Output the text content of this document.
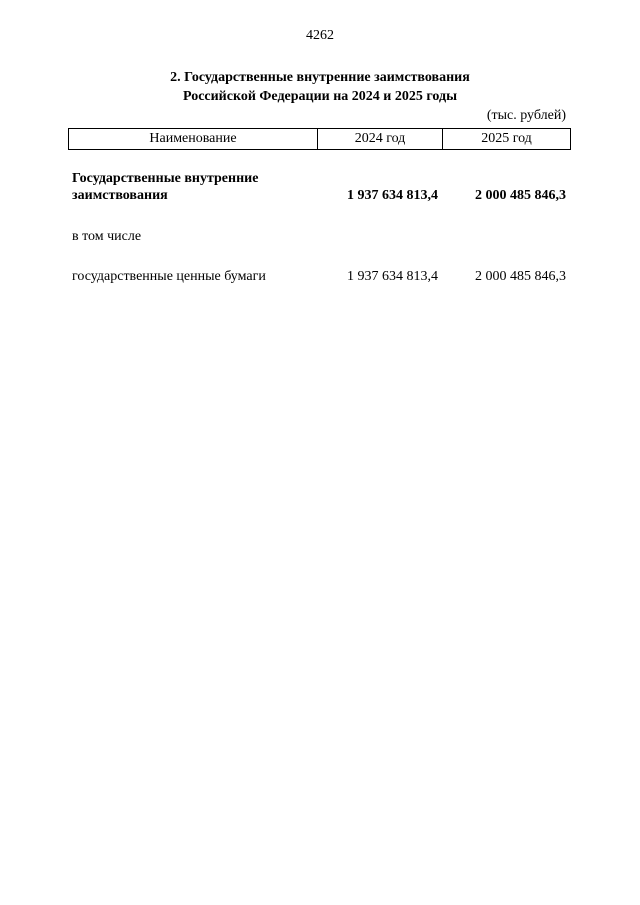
4262
2. Государственные внутренние заимствования
Российской Федерации на 2024 и 2025 годы
(тыс. рублей)
Наименование	2024 год	2025 год
Государственные внутренние заимствования	1 937 634 813,4	2 000 485 846,3
в том числе
государственные ценные бумаги	1 937 634 813,4	2 000 485 846,3
